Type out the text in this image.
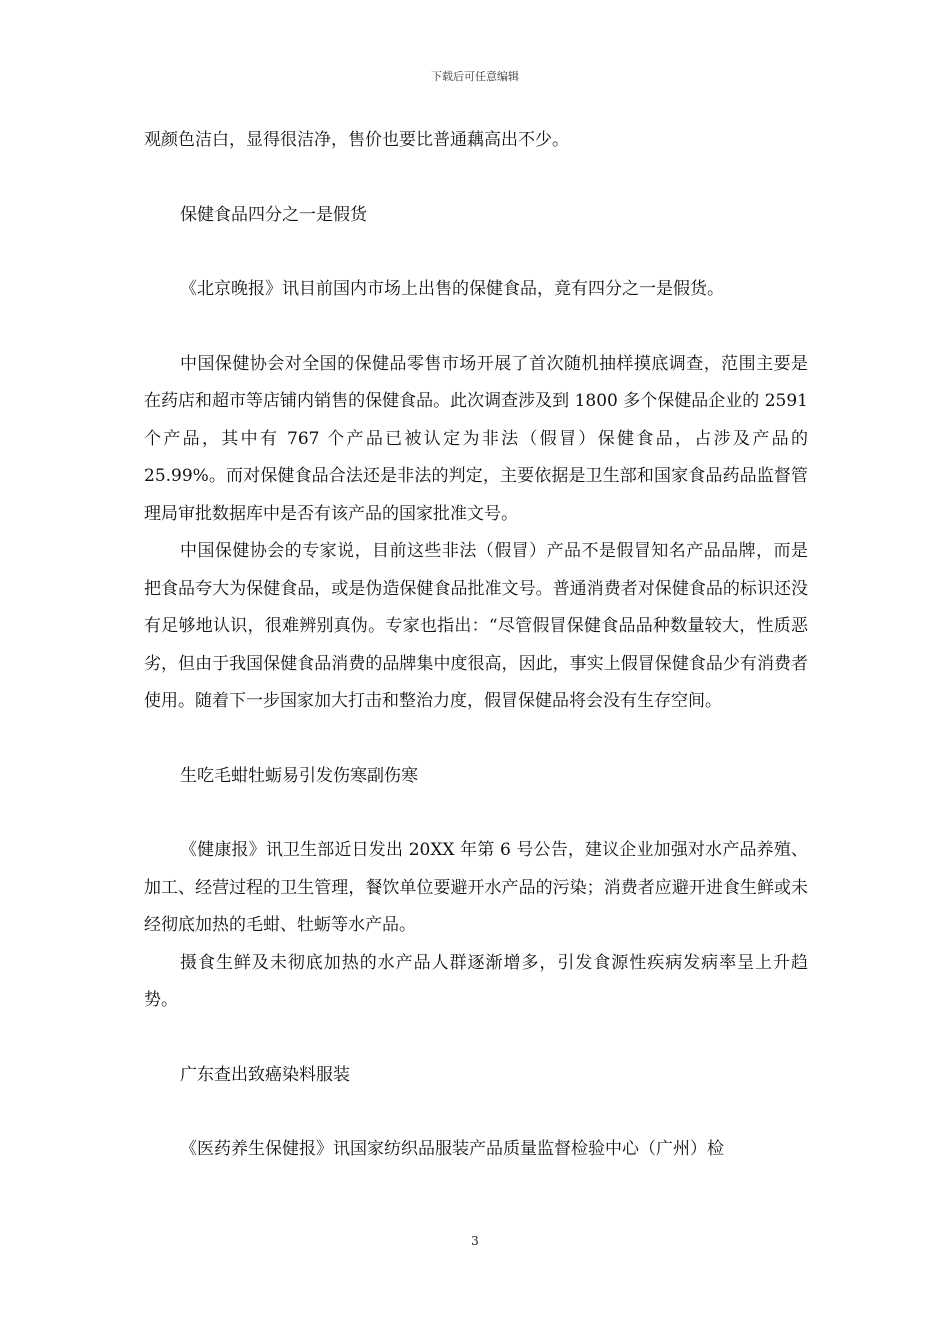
下载后可任意编辑

观颜色洁白，显得很洁净，售价也要比普通藕高出不少。

保健食品四分之一是假货

《北京晚报》讯目前国内市场上出售的保健食品，竟有四分之一是假货。

中国保健协会对全国的保健品零售市场开展了首次随机抽样摸底调查，范围主要是在药店和超市等店铺内销售的保健食品。此次调查涉及到 1800 多个保健品企业的 2591 个产品，其中有 767 个产品已被认定为非法（假冒）保健食品，占涉及产品的 25.99%。而对保健食品合法还是非法的判定，主要依据是卫生部和国家食品药品监督管理局审批数据库中是否有该产品的国家批准文号。

中国保健协会的专家说，目前这些非法（假冒）产品不是假冒知名产品品牌，而是把食品夸大为保健食品，或是伪造保健食品批准文号。普通消费者对保健食品的标识还没有足够地认识，很难辨别真伪。专家也指出：“尽管假冒保健食品品种数量较大，性质恶劣，但由于我国保健食品消费的品牌集中度很高，因此，事实上假冒保健食品少有消费者使用。随着下一步国家加大打击和整治力度，假冒保健品将会没有生存空间。

生吃毛蚶牡蛎易引发伤寒副伤寒

《健康报》讯卫生部近日发出 20XX 年第 6 号公告，建议企业加强对水产品养殖、加工、经营过程的卫生管理，餐饮单位要避开水产品的污染；消费者应避开进食生鲜或未经彻底加热的毛蚶、牡蛎等水产品。

摄食生鲜及未彻底加热的水产品人群逐渐增多，引发食源性疾病发病率呈上升趋势。

广东查出致癌染料服装

《医药养生保健报》讯国家纺织品服装产品质量监督检验中心（广州）检

3
